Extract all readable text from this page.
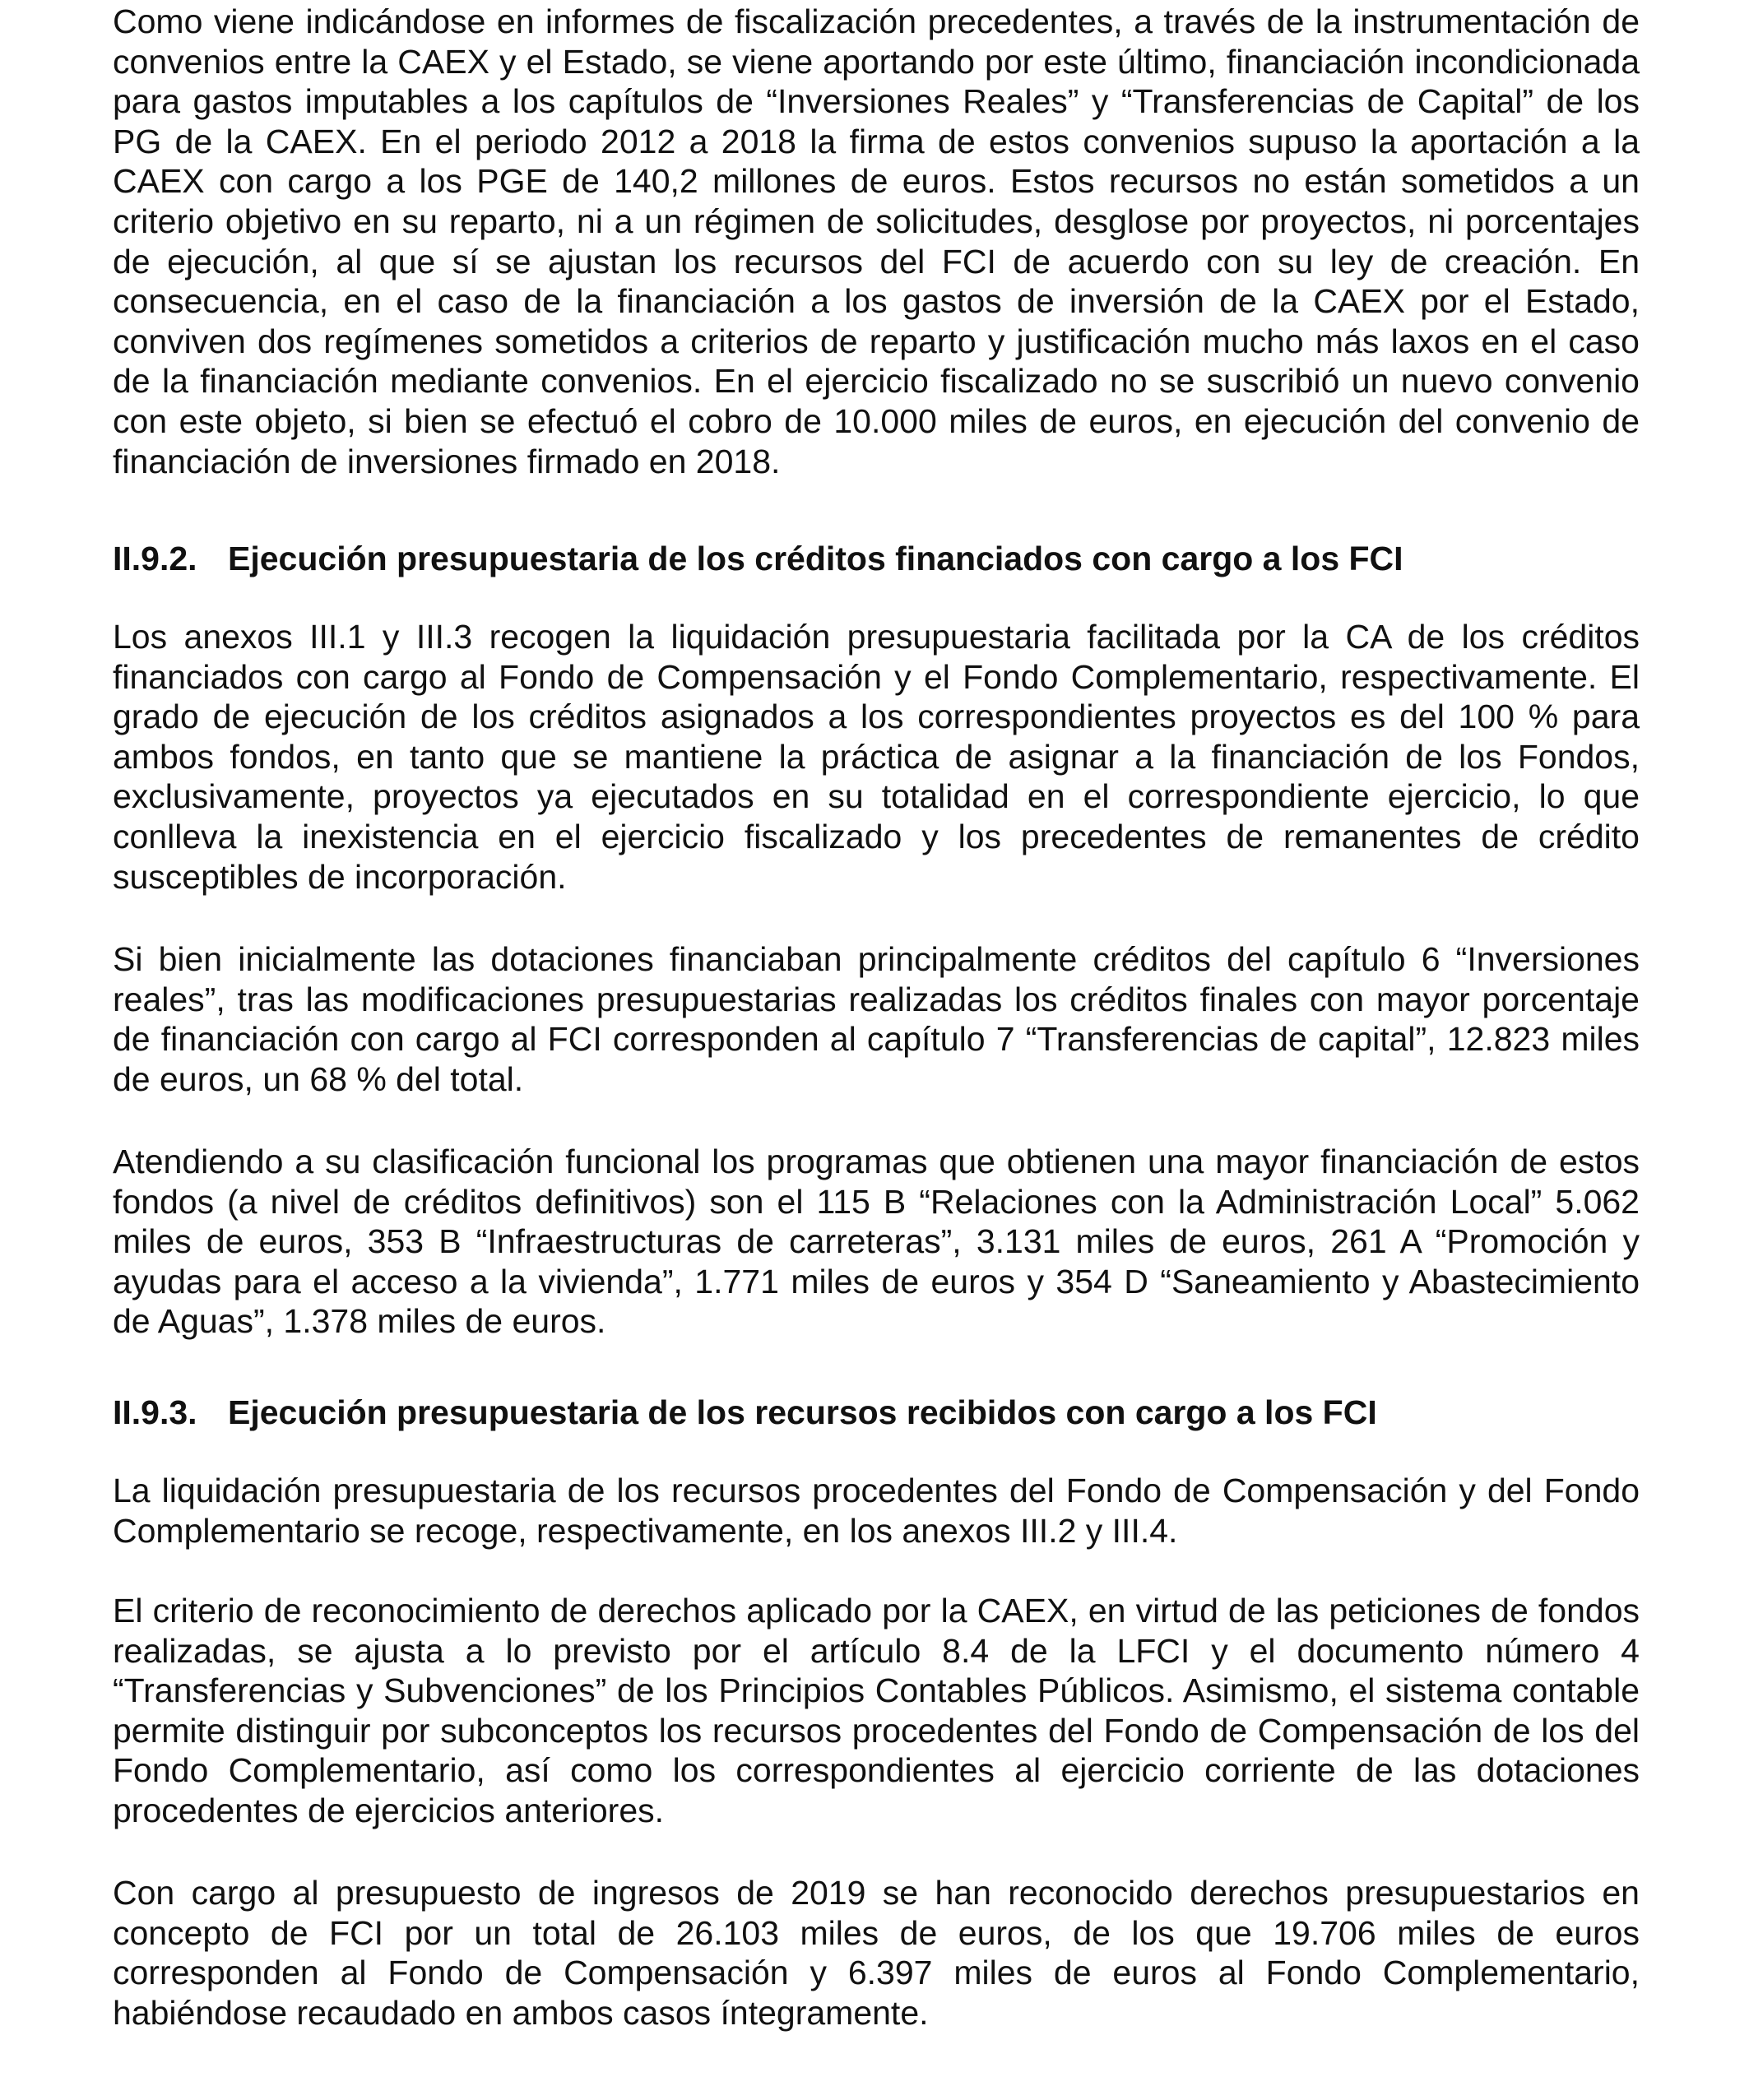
Como viene indicándose en informes de fiscalización precedentes, a través de la instrumentación de convenios entre la CAEX y el Estado, se viene aportando por este último, financiación incondicionada para gastos imputables a los capítulos de “Inversiones Reales” y “Transferencias de Capital” de los PG de la CAEX. En el periodo 2012 a 2018 la firma de estos convenios supuso la aportación a la CAEX con cargo a los PGE de 140,2 millones de euros. Estos recursos no están sometidos a un criterio objetivo en su reparto, ni a un régimen de solicitudes, desglose por proyectos, ni porcentajes de ejecución, al que sí se ajustan los recursos del FCI de acuerdo con su ley de creación. En consecuencia, en el caso de la financiación a los gastos de inversión de la CAEX por el Estado, conviven dos regímenes sometidos a criterios de reparto y justificación mucho más laxos en el caso de la financiación mediante convenios. En el ejercicio fiscalizado no se suscribió un nuevo convenio con este objeto, si bien se efectuó el cobro de 10.000 miles de euros, en ejecución del convenio de financiación de inversiones firmado en 2018.

II.9.2. Ejecución presupuestaria de los créditos financiados con cargo a los FCI

Los anexos III.1 y III.3 recogen la liquidación presupuestaria facilitada por la CA de los créditos financiados con cargo al Fondo de Compensación y el Fondo Complementario, respectivamente. El grado de ejecución de los créditos asignados a los correspondientes proyectos es del 100 % para ambos fondos, en tanto que se mantiene la práctica de asignar a la financiación de los Fondos, exclusivamente, proyectos ya ejecutados en su totalidad en el correspondiente ejercicio, lo que conlleva la inexistencia en el ejercicio fiscalizado y los precedentes de remanentes de crédito susceptibles de incorporación.

Si bien inicialmente las dotaciones financiaban principalmente créditos del capítulo 6 “Inversiones reales”, tras las modificaciones presupuestarias realizadas los créditos finales con mayor porcentaje de financiación con cargo al FCI corresponden al capítulo 7 “Transferencias de capital”, 12.823 miles de euros, un 68 % del total.

Atendiendo a su clasificación funcional los programas que obtienen una mayor financiación de estos fondos (a nivel de créditos definitivos) son el 115 B “Relaciones con la Administración Local” 5.062 miles de euros, 353 B “Infraestructuras de carreteras”, 3.131 miles de euros, 261 A “Promoción y ayudas para el acceso a la vivienda”, 1.771 miles de euros y 354 D “Saneamiento y Abastecimiento de Aguas”, 1.378 miles de euros.

II.9.3. Ejecución presupuestaria de los recursos recibidos con cargo a los FCI

La liquidación presupuestaria de los recursos procedentes del Fondo de Compensación y del Fondo Complementario se recoge, respectivamente, en los anexos III.2 y III.4.

El criterio de reconocimiento de derechos aplicado por la CAEX, en virtud de las peticiones de fondos realizadas, se ajusta a lo previsto por el artículo 8.4 de la LFCI y el documento número 4 “Transferencias y Subvenciones” de los Principios Contables Públicos. Asimismo, el sistema contable permite distinguir por subconceptos los recursos procedentes del Fondo de Compensación de los del Fondo Complementario, así como los correspondientes al ejercicio corriente de las dotaciones procedentes de ejercicios anteriores.

Con cargo al presupuesto de ingresos de 2019 se han reconocido derechos presupuestarios en concepto de FCI por un total de 26.103 miles de euros, de los que 19.706 miles de euros corresponden al Fondo de Compensación y 6.397 miles de euros al Fondo Complementario, habiéndose recaudado en ambos casos íntegramente.
